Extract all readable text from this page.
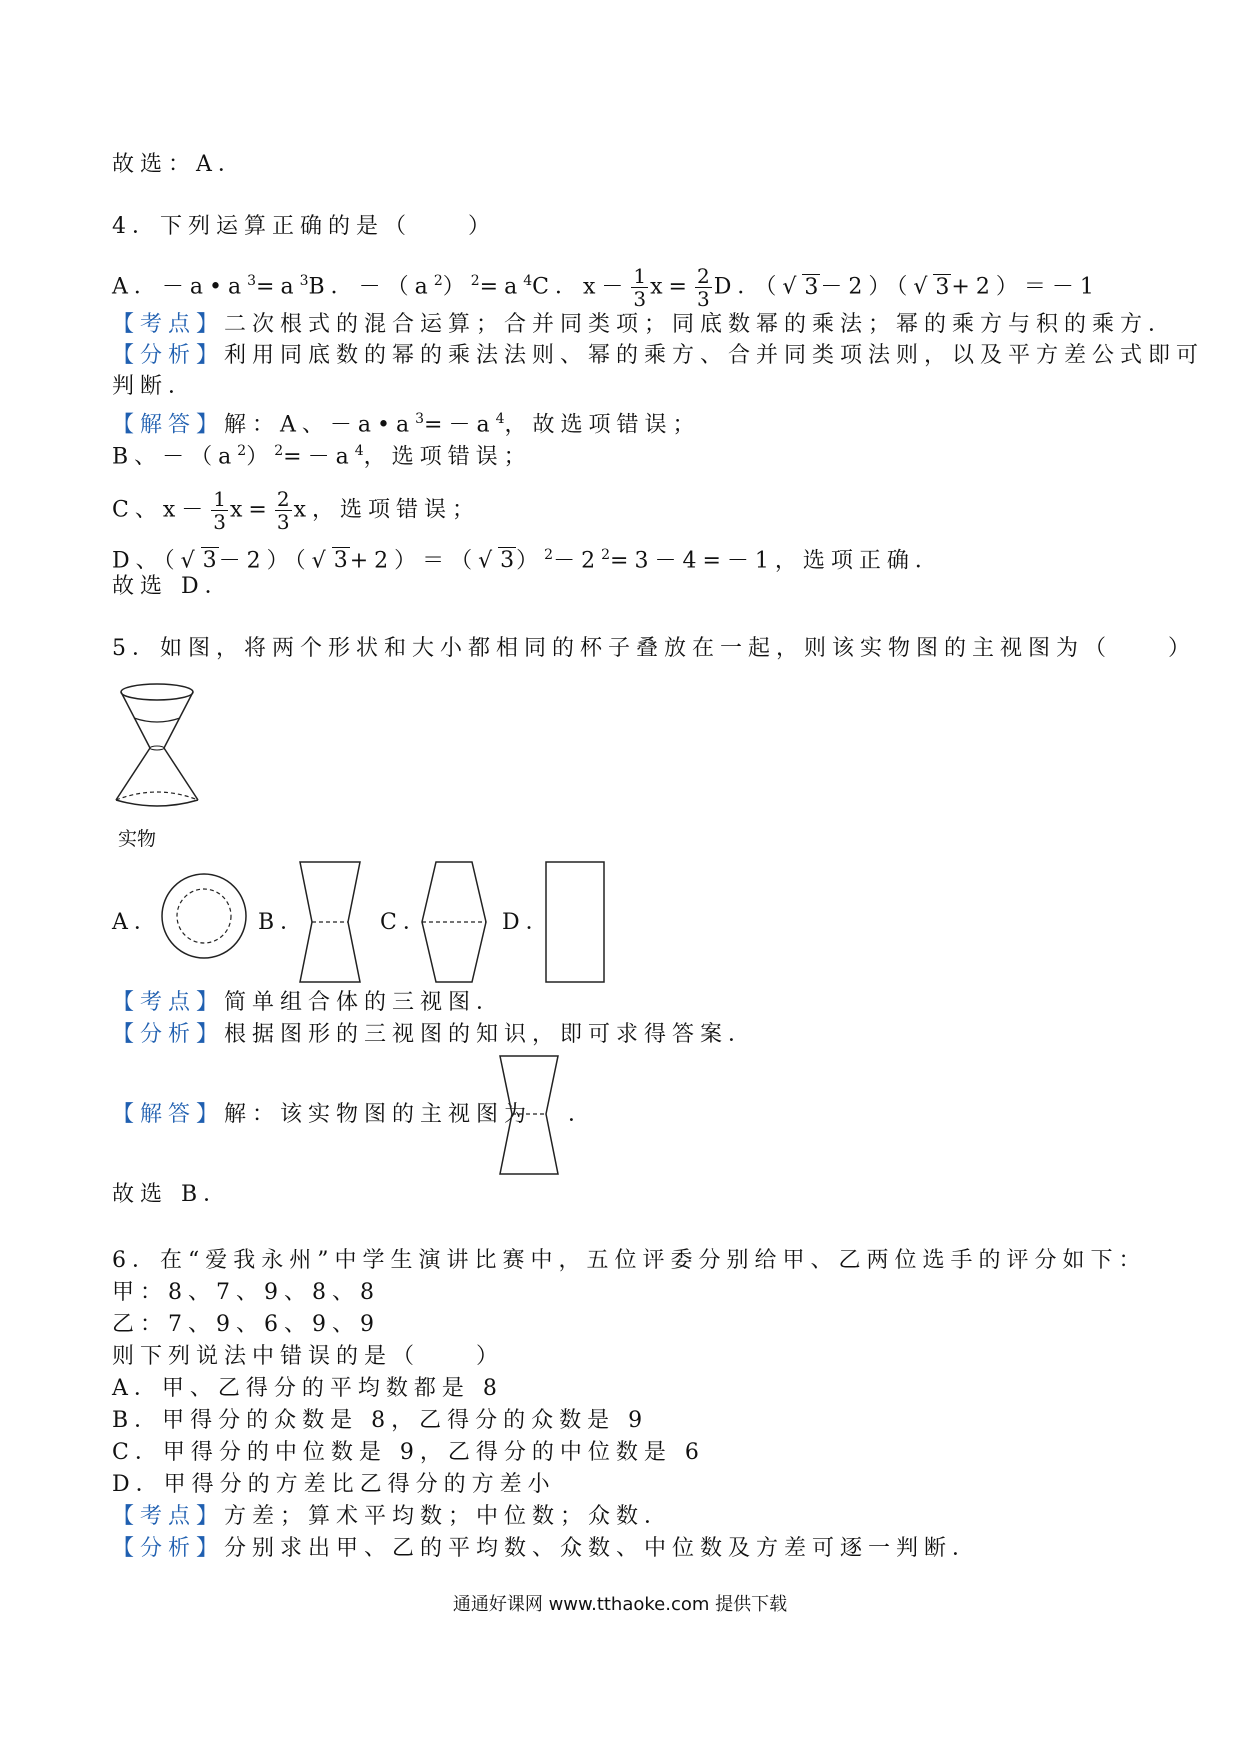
故选：A．
4．下列运算正确的是（　　）
A．$-a•a^3=a^3B$．$-(a^2)^2=a^4C$．$x- \frac{1}{3} x= \frac{2}{3}$ D．（√3－2）（√3+2）＝－1
【考点】二次根式的混合运算；合并同类项；同底数幂的乘法；幂的乘方与积的乘方．
【分析】利用同底数的幂的乘法法则、幂的乘方、合并同类项法则，以及平方差公式即可
判断．
【解答】解：A、$-a•a^3=-a^4$，故选项错误；
B、$-(a^2)^2=-a^4$，选项错误；
C、$x- \frac{1}{3} x= \frac{2}{3}$ x，选项错误；
D、$(√3-2)(√3+2)=(√3)^2-2^2=3-4=-1$，选项正确．
故选 D．
5．如图，将两个形状和大小都相同的杯子叠放在一起，则该实物图的主视图为（　　）
实物
A．	B．	C．	D．
【考点】简单组合体的三视图．
【分析】根据图形的三视图的知识，即可求得答案．
【解答】解：该实物图的主视图为 ．
故选 B．
6．在“爱我永州”中学生演讲比赛中，五位评委分别给甲、乙两位选手的评分如下：
甲：8、7、9、8、8
乙：7、9、6、9、9
则下列说法中错误的是（　　）
A．甲、乙得分的平均数都是 8
B．甲得分的众数是 8，乙得分的众数是 9
C．甲得分的中位数是 9，乙得分的中位数是 6
D．甲得分的方差比乙得分的方差小
【考点】方差；算术平均数；中位数；众数．
【分析】分别求出甲、乙的平均数、众数、中位数及方差可逐一判断．
通通好课网 www.tthaoke.com 提供下载
